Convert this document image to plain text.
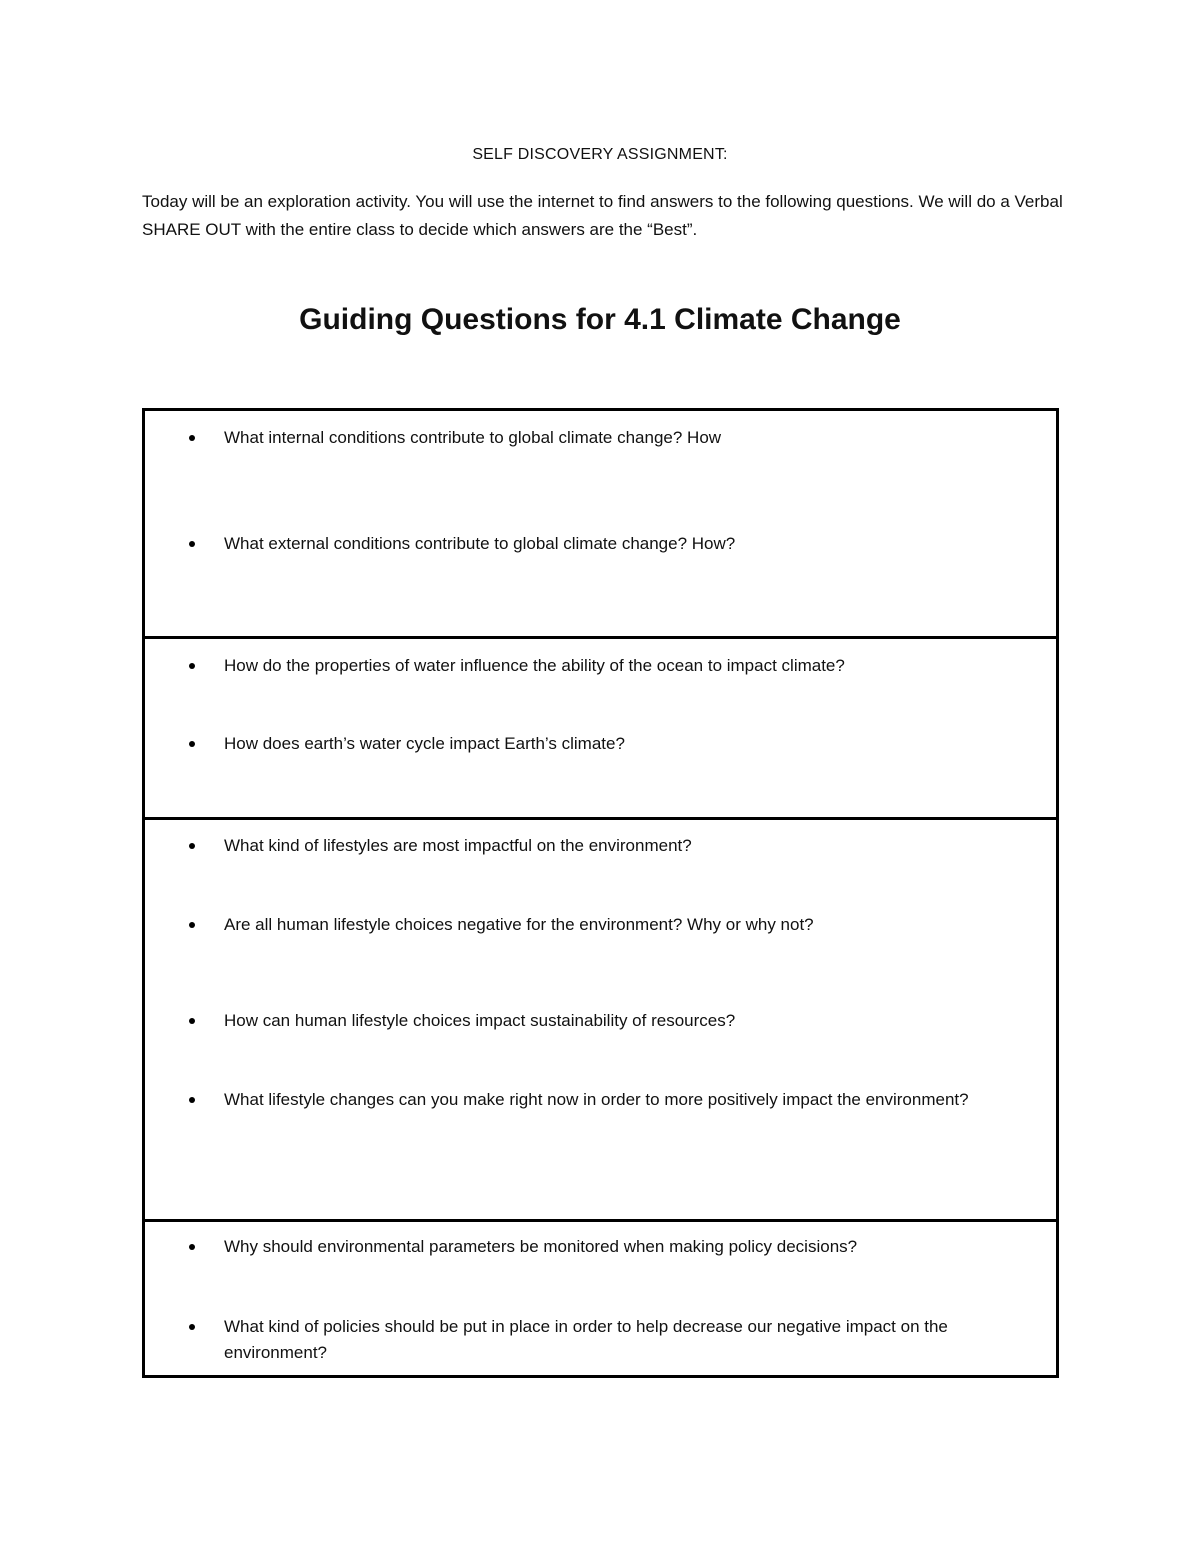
SELF DISCOVERY ASSIGNMENT:

Today will be an exploration activity. You will use the internet to find answers to the following questions. We will do a Verbal SHARE OUT with the entire class to decide which answers are the “Best”.

Guiding Questions for 4.1 Climate Change
What internal conditions contribute to global climate change? How
What external conditions contribute to global climate change? How?
How do the properties of water influence the ability of the ocean to impact climate?
How does earth’s water cycle impact Earth’s climate?
What kind of lifestyles are most impactful on the environment?
Are all human lifestyle choices negative for the environment? Why or why not?
How can human lifestyle choices impact sustainability of resources?
What lifestyle changes can you make right now in order to more positively impact the environment?
Why should environmental parameters be monitored when making policy decisions?
What kind of policies should be put in place in order to help decrease our negative impact on the environment?
